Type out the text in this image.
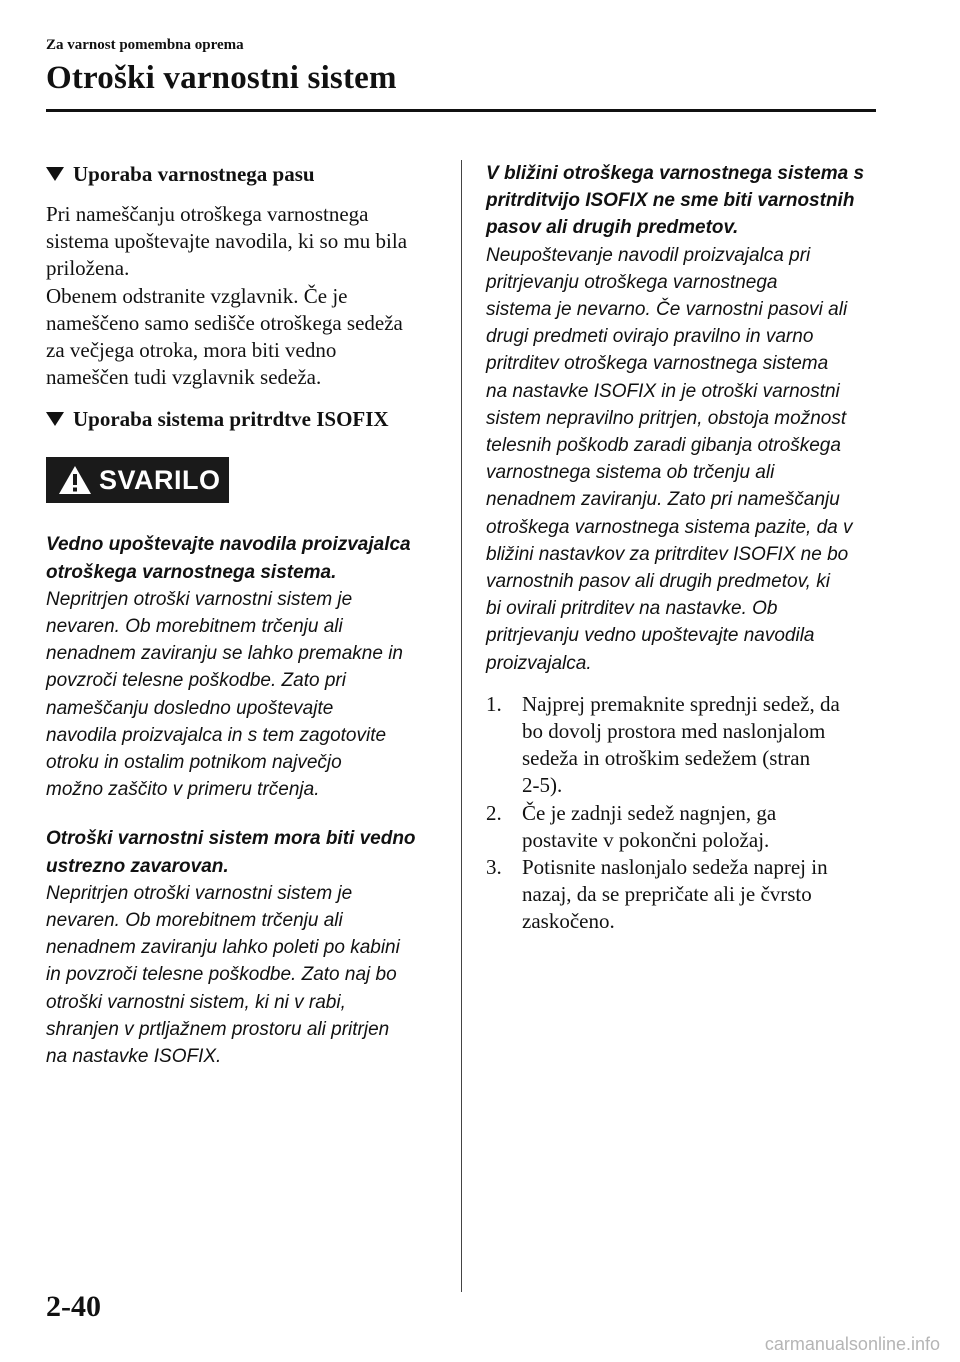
Za varnost pomembna oprema
Otroški varnostni sistem
Uporaba varnostnega pasu
Pri nameščanju otroškega varnostnega
sistema upoštevajte navodila, ki so mu bila
priložena.
Obenem odstranite vzglavnik. Če je
nameščeno samo sedišče otroškega sedeža
za večjega otroka, mora biti vedno
nameščen tudi vzglavnik sedeža.
Uporaba sistema pritrdtve ISOFIX
SVARILO
Vedno upoštevajte navodila proizvajalca
otroškega varnostnega sistema.
Nepritrjen otroški varnostni sistem je
nevaren. Ob morebitnem trčenju ali
nenadnem zaviranju se lahko premakne in
povzroči telesne poškodbe. Zato pri
nameščanju dosledno upoštevajte
navodila proizvajalca in s tem zagotovite
otroku in ostalim potnikom največjo
možno zaščito v primeru trčenja.
Otroški varnostni sistem mora biti vedno
ustrezno zavarovan.
Nepritrjen otroški varnostni sistem je
nevaren. Ob morebitnem trčenju ali
nenadnem zaviranju lahko poleti po kabini
in povzroči telesne poškodbe. Zato naj bo
otroški varnostni sistem, ki ni v rabi,
shranjen v prtljažnem prostoru ali pritrjen
na nastavke ISOFIX.
V bližini otroškega varnostnega sistema s
pritrditvijo ISOFIX ne sme biti varnostnih
pasov ali drugih predmetov.
Neupoštevanje navodil proizvajalca pri
pritrjevanju otroškega varnostnega
sistema je nevarno. Če varnostni pasovi ali
drugi predmeti ovirajo pravilno in varno
pritrditev otroškega varnostnega sistema
na nastavke ISOFIX in je otroški varnostni
sistem nepravilno pritrjen, obstoja možnost
telesnih poškodb zaradi gibanja otroškega
varnostnega sistema ob trčenju ali
nenadnem zaviranju. Zato pri nameščanju
otroškega varnostnega sistema pazite, da v
bližini nastavkov za pritrditev ISOFIX ne bo
varnostnih pasov ali drugih predmetov, ki
bi ovirali pritrditev na nastavke. Ob
pritrjevanju vedno upoštevajte navodila
proizvajalca.
1. Najprej premaknite sprednji sedež, da
bo dovolj prostora med naslonjalom
sedeža in otroškim sedežem (stran
2-5).
2. Če je zadnji sedež nagnjen, ga
postavite v pokončni položaj.
3. Potisnite naslonjalo sedeža naprej in
nazaj, da se prepričate ali je čvrsto
zaskočeno.
2-40
carmanualsonline.info
